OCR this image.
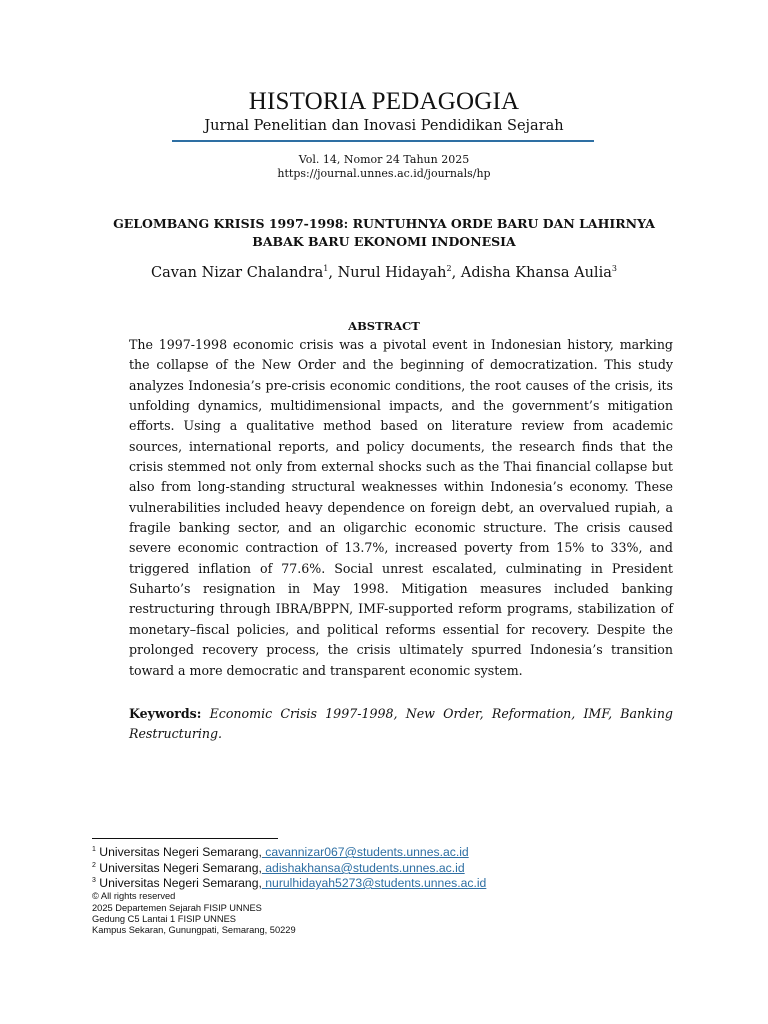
HISTORIA PEDAGOGIA
Jurnal Penelitian dan Inovasi Pendidikan Sejarah
Vol. 14, Nomor 24 Tahun 2025
https://journal.unnes.ac.id/journals/hp
GELOMBANG KRISIS 1997-1998: RUNTUHNYA ORDE BARU DAN LAHIRNYA
BABAK BARU EKONOMI INDONESIA
Cavan Nizar Chalandra$^1$, Nurul Hidayah$^2$, Adisha Khansa Aulia$^3$
ABSTRACT

The 1997-1998 economic crisis was a pivotal event in Indonesian history, marking the collapse of the New Order and the beginning of democratization. This study analyzes Indonesia’s pre-crisis economic conditions, the root causes of the crisis, its unfolding dynamics, multidimensional impacts, and the government’s mitigation efforts. Using a qualitative method based on literature review from academic sources, international reports, and policy documents, the research finds that the crisis stemmed not only from external shocks such as the Thai financial collapse but also from long-standing structural weaknesses within Indonesia’s economy. These vulnerabilities included heavy dependence on foreign debt, an overvalued rupiah, a fragile banking sector, and an oligarchic economic structure. The crisis caused severe economic contraction of 13.7%, increased poverty from 15% to 33%, and triggered inflation of 77.6%. Social unrest escalated, culminating in President Suharto’s resignation in May 1998. Mitigation measures included banking restructuring through IBRA/BPPN, IMF-supported reform programs, stabilization of monetary–fiscal policies, and political reforms essential for recovery. Despite the prolonged recovery process, the crisis ultimately spurred Indonesia’s transition toward a more democratic and transparent economic system.

Keywords: Economic Crisis 1997-1998, New Order, Reformation, IMF, Banking Restructuring.

$^1$ Universitas Negeri Semarang, cavannizar067@students.unnes.ac.id
$^2$ Universitas Negeri Semarang, adishakhansa@students.unnes.ac.id
$^3$ Universitas Negeri Semarang, nurulhidayah5273@students.unnes.ac.id
© All rights reserved
2025 Departemen Sejarah FISIP UNNES
Gedung C5 Lantai 1 FISIP UNNES
Kampus Sekaran, Gunungpati, Semarang, 50229
